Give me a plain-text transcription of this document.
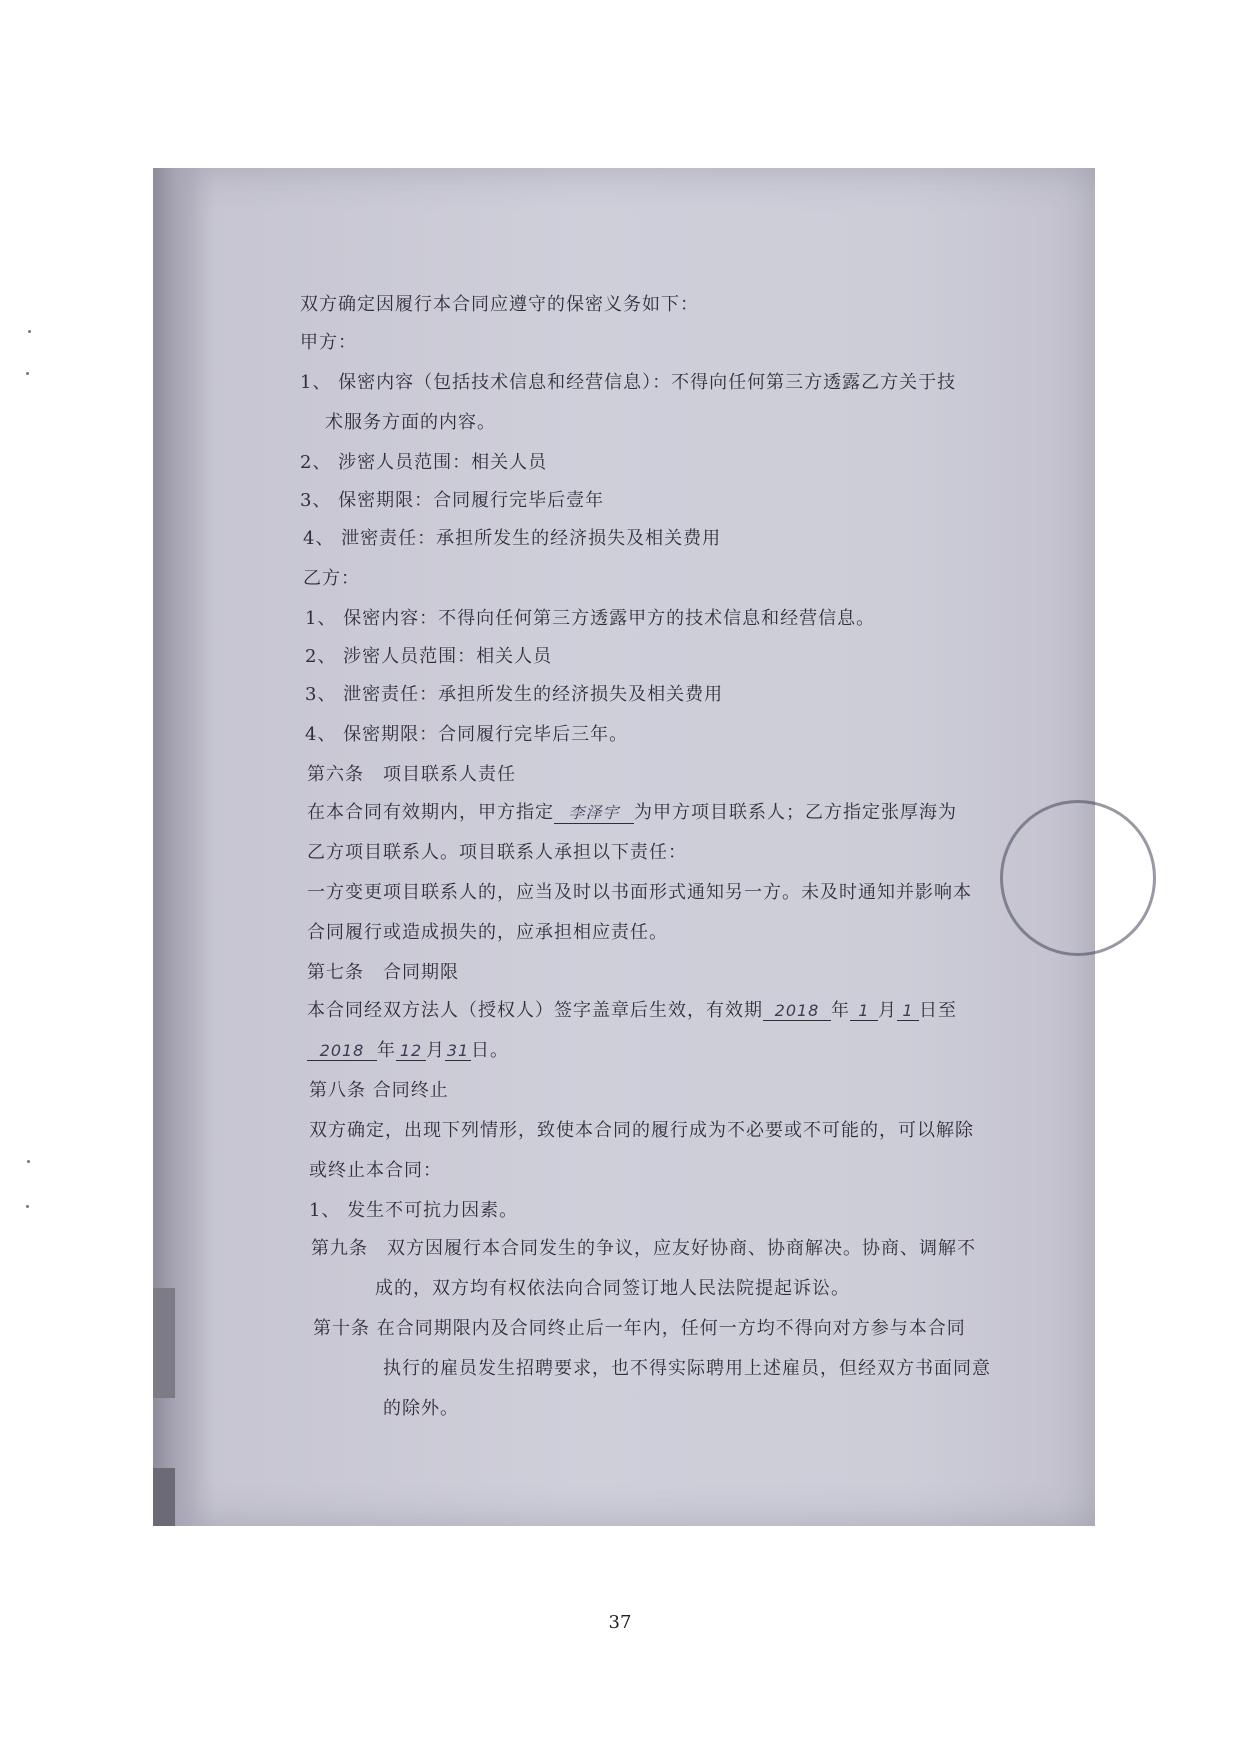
双方确定因履行本合同应遵守的保密义务如下：
甲方：
1、 保密内容（包括技术信息和经营信息）：不得向任何第三方透露乙方关于技
术服务方面的内容。
2、 涉密人员范围：相关人员
3、 保密期限：合同履行完毕后壹年
4、 泄密责任：承担所发生的经济损失及相关费用
乙方：
1、 保密内容：不得向任何第三方透露甲方的技术信息和经营信息。
2、 涉密人员范围：相关人员
3、 泄密责任：承担所发生的经济损失及相关费用
4、 保密期限：合同履行完毕后三年。
第六条　项目联系人责任
在本合同有效期内，甲方指定 李泽宇 为甲方项目联系人；乙方指定张厚海为
乙方项目联系人。项目联系人承担以下责任：
一方变更项目联系人的，应当及时以书面形式通知另一方。未及时通知并影响本
合同履行或造成损失的，应承担相应责任。
第七条　合同期限
本合同经双方法人（授权人）签字盖章后生效，有效期 2018 年 1 月 1 日至
2018 年 12 月 31 日。
第八条 合同终止
双方确定，出现下列情形，致使本合同的履行成为不必要或不可能的，可以解除
或终止本合同：
1、 发生不可抗力因素。
第九条　双方因履行本合同发生的争议，应友好协商、协商解决。协商、调解不
成的，双方均有权依法向合同签订地人民法院提起诉讼。
第十条 在合同期限内及合同终止后一年内，任何一方均不得向对方参与本合同
执行的雇员发生招聘要求，也不得实际聘用上述雇员，但经双方书面同意
的除外。
37
